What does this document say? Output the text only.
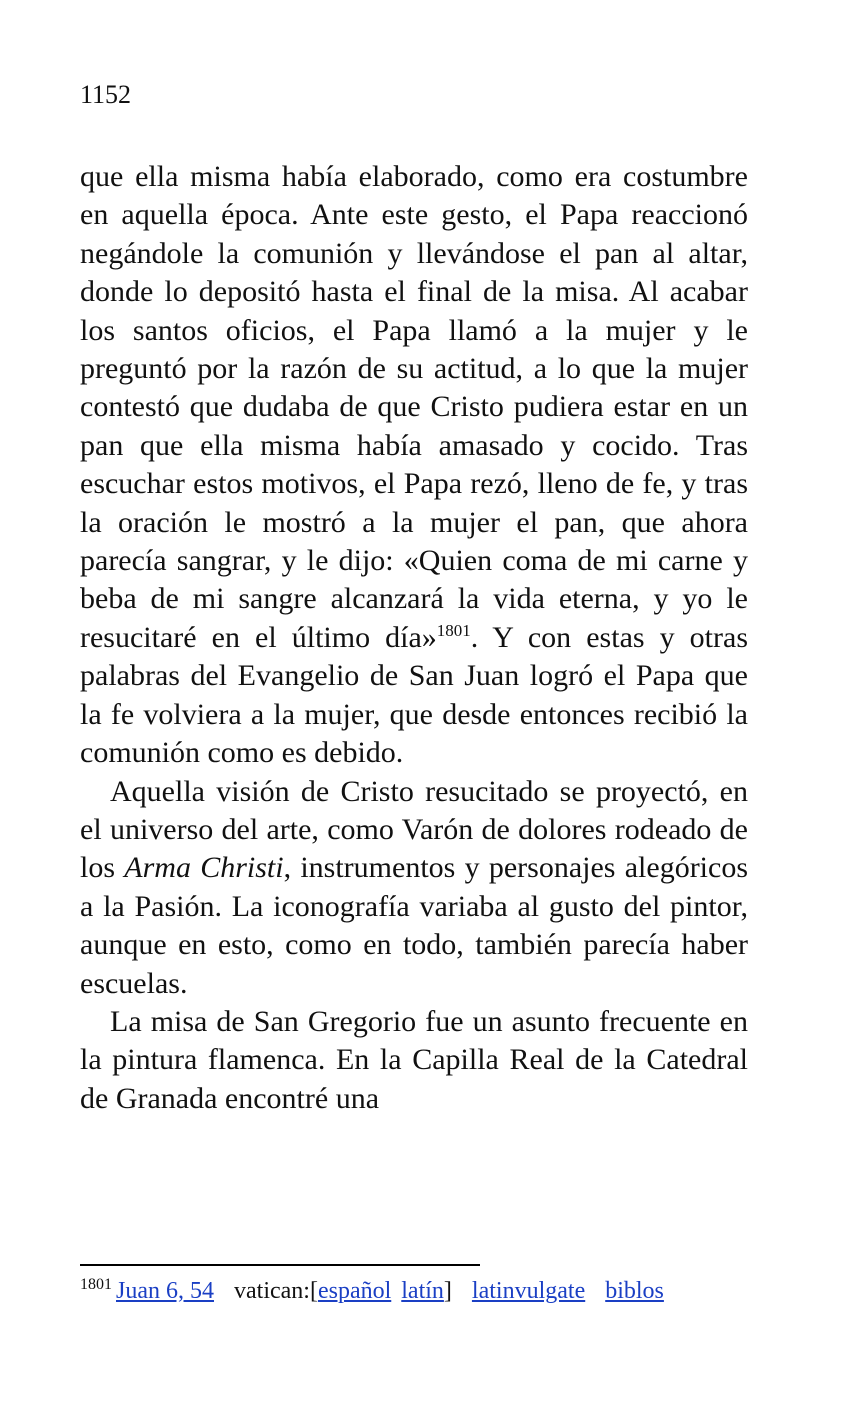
1152

que ella misma había elaborado, como era costumbre en aquella época. Ante este gesto, el Papa reaccionó negándole la comunión y llevándose el pan al altar, donde lo depositó hasta el final de la misa. Al acabar los santos oficios, el Papa llamó a la mujer y le preguntó por la razón de su actitud, a lo que la mujer contestó que dudaba de que Cristo pudiera estar en un pan que ella misma había amasado y cocido. Tras escuchar estos motivos, el Papa rezó, lleno de fe, y tras la oración le mostró a la mujer el pan, que ahora parecía sangrar, y le dijo: «Quien coma de mi carne y beba de mi sangre alcanzará la vida eterna, y yo le resucitaré en el último día»$^{1801}$. Y con estas y otras palabras del Evangelio de San Juan logró el Papa que la fe volviera a la mujer, que desde entonces recibió la comunión como es debido.

Aquella visión de Cristo resucitado se proyectó, en el universo del arte, como Varón de dolores rodeado de los Arma Christi, instrumentos y personajes alegóricos a la Pasión. La iconografía variaba al gusto del pintor, aunque en esto, como en todo, también parecía haber escuelas.

La misa de San Gregorio fue un asunto frecuente en la pintura flamenca. En la Capilla Real de la Catedral de Granada encontré una

$^{1801}$ Juan 6, 54 vatican:[español latín] latinvulgate biblos
